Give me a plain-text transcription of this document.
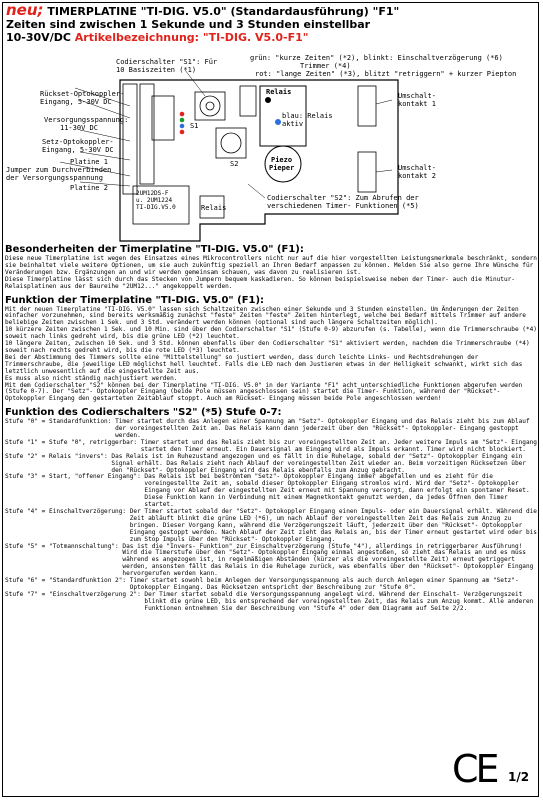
neu; TIMERPLATINE "TI-DIG. V5.0" (Standardausführung) "F1"
Zeiten sind zwischen 1 Sekunde und 3 Stunden einstellbar
10-30V/DC Artikelbezeichnung: "TI-DIG. V5.0-F1"
Codierschalter "S1": Für
10 Basiszeiten (*1)
grün: "kurze Zeiten" (*2), blinkt: Einschaltverzögerung (*6)
Trimmer (*4)
rot: "lange Zeiten" (*3), blitzt "retriggern" + kurzer Piepton
Rückset-Optokoppler-
Eingang, 5-30V DC
Versorgungsspannung:
11-30V DC
Setz-Optokoppler-
Eingang, 5-30V DC
Platine 1
Jumper zum Durchverbinden
der Versorgungsspannung
Platine 2
Relais
blau: Relais
aktiv
Piezo
Pieper
Umschalt-
kontakt 1
Umschalt-
kontakt 2
Codierschalter "S2": Zum Abrufen der
verschiedenen Timer- Funktionen (*5)
2UM12DS-F
u. 2UM1224
TI-DIG.V5.0	Relais
S1
S2
Besonderheiten der Timerplatine "TI-DIG. V5.0" (F1):

Diese neue Timerplatine ist wegen des Einsatzes eines Mikrocontrollers nicht nur auf die hier vorgestellten Leistungsmerkmale beschränkt, sondern sie beinhaltet viele weitere Optionen, um sie auch zukünftig speziell an Ihren Bedarf anpassen zu können. Melden Sie also gerne Ihre Wünsche für Veränderungen bzw. Ergänzungen an und wir werden gemeinsam schauen, was davon zu realisieren ist.
Diese Timerplatine lässt sich durch das Stecken von Jumpern bequem kaskadieren. So können beispielsweise neben der Timer- auch die Minutur- Relaisplatinen aus der Baureihe "2UM12..." angekoppelt werden.

Funktion der Timerplatine "TI-DIG. V5.0" (F1):

Mit der neuen Timerplatine "TI-DIG. V5.0" lassen sich Schaltzeiten zwischen einer Sekunde und 3 Stunden einstellen. Um Änderungen der Zeiten einfacher vorzunehmen, sind bereits werksmäßig zunächst "feste" Zeiten "feste" Zeiten hinterlegt, welche bei Bedarf mittels Trimmer auf andere beliebige Zeiten zwischen 1 Sek. und 3 Std. verändert werden können (optional sind auch längere Schaltzeiten möglich).
10 kürzere Zeiten zwischen 1 Sek. und 10 Min. sind über den Codierschalter "S1" (Stufe 0-9) abzurufen (s. Tabelle), wenn die Trimmerschraube (*4) soweit nach links gedreht wird, bis die grüne LED (*2) leuchtet.
10 längere Zeiten, zwischen 10 Sek. und 3 Std. können ebenfalls über den Codierschalter "S1" aktiviert werden, nachdem die Trimmerschraube (*4) soweit nach rechts gedreht wird, bis die rote LED (*3) leuchtet.
Bei der Abstimmung des Timmers sollte eine "Mittelstellung" so justiert werden, dass durch leichte Links- und Rechtsdrehungen der Trimmerschraube, die jeweilige LED möglichst hell leuchtet. Falls die LED nach dem Justieren etwas in der Helligkeit schwankt, wirkt sich das letztlich unwesentlich auf die eingestellte Zeit aus.
Es muss also nicht ständig nachjustiert werden.
Mit dem Codierschalter "S2" können bei der Timerplatine "TI-DIG. V5.0" in der Variante "F1" acht unterschiedliche Funktionen abgerufen werden (Stufe 0-7). Der "Setz"- Optokoppler Eingang (beide Pole müssen angeschlossen sein) startet die Timer- Funktion, während der "Rückset"- Optokoppler Eingang den gestarteten Zeitablauf stoppt. Auch am Rückset- Eingang müssen beide Pole angeschlossen werden!

Funktion des Codierschalters "S2" (*5) Stufe 0-7:
Stufe "0" = Standardfunktion: Timer startet durch das Anlegen einer Spannung am "Setz"- Optokoppler Eingang und das Relais zieht bis zum Ablauf der voreingestellten Zeit an. Das Relais kann dann jederzeit über den "Rückset"- Optokoppler- Eingang gestoppt werden.
Stufe "1" = Stufe "0", retriggerbar: Timer startet und das Relais zieht bis zur voreingestellten Zeit an. Jeder weitere Impuls am "Setz"- Eingang startet den Timer erneut. Ein Dauersignal am Eingang wird als Impuls erkannt. Timer wird nicht blockiert.
Stufe "2" = Relais "invers": Das Relais ist im Ruhezustand angezogen und es fällt in die Ruhelage, sobald der "Setz"- Optokoppler Eingang ein Signal erhält. Das Relais zieht nach Ablauf der voreingestellten Zeit wieder an. Beim vorzeitigen Rücksetzen über den "Rückset"- Optokoppler Eingang wird das Relais ebenfalls zum Anzug gebracht.
Stufe "3" = Start, "offener Eingang": Das Relais ist bei bestromtem "Setz"- Optokoppler Eingang immer abgefallen und es zieht für die voreingestellte Zeit an, sobald dieser Optokoppler Eingang stromlos wird. Wird der "Setz"- Optokoppler Eingang vor Ablauf der eingestellten Zeit erneut mit Spannung versorgt, dann erfolgt ein spontaner Reset. Diese Funktion kann in Verbindung mit einem Magnetkontakt genutzt werden, da jedes Öffnen den Timer startet.
Stufe "4" = Einschaltverzögerung: Der Timer startet sobald der "Setz"- Optokoppler Eingang einen Impuls- oder ein Dauersignal erhält. Während die Zeit abläuft blinkt die grüne LED (*6), um nach Ablauf der voreingestellten Zeit das Relais zum Anzug zu bringen. Dieser Vorgang kann, während die Verzögerungszeit läuft, jederzeit über den "Rückset"- Optokoppler Eingang gestoppt werden. Nach Ablauf der Zeit zieht das Relais an, bis der Timer erneut gestartet wird oder bis zum Stop Impuls über den "Rückset"- Optokoppler Eingang.
Stufe "5" = "Totmannschaltung": Das ist die "Invers- Funktion" zur Einschaltverzögerung (Stufe "4"), allerdings in retriggerbarer Ausführung!
Wird die Timerstufe über den "Setz"- Optokoppler Eingang einmal angestoßen, so zieht das Relais an und es muss während es angezogen ist, in regelmäßigen Abständen (kürzer als die voreingestellte Zeit) erneut getriggert werden, ansonsten fällt das Relais in die Ruhelage zurück, was ebenfalls über den "Rückset"- Optokoppler Eingang hervorgerufen werden kann.
Stufe "6" = "Standardfunktion 2": Timer startet sowohl beim Anlegen der Versorgungsspannung als auch durch Anlegen einer Spannung am "Setz"- Optokoppler Eingang. Das Rücksetzen entspricht der Beschreibung zur "Stufe 0".
Stufe "7" = "Einschaltverzögerung 2": Der Timer startet sobald die Versorgungsspannung angelegt wird. Während der Einschalt- Verzögerungszeit blinkt die grüne LED, bis entsprechend der voreingestellten Zeit, das Relais zum Anzug kommt. Alle anderen Funktionen entnehmen Sie der Beschreibung von "Stufe 4" oder dem Diagramm auf Seite 2/2.
CE 1/2
